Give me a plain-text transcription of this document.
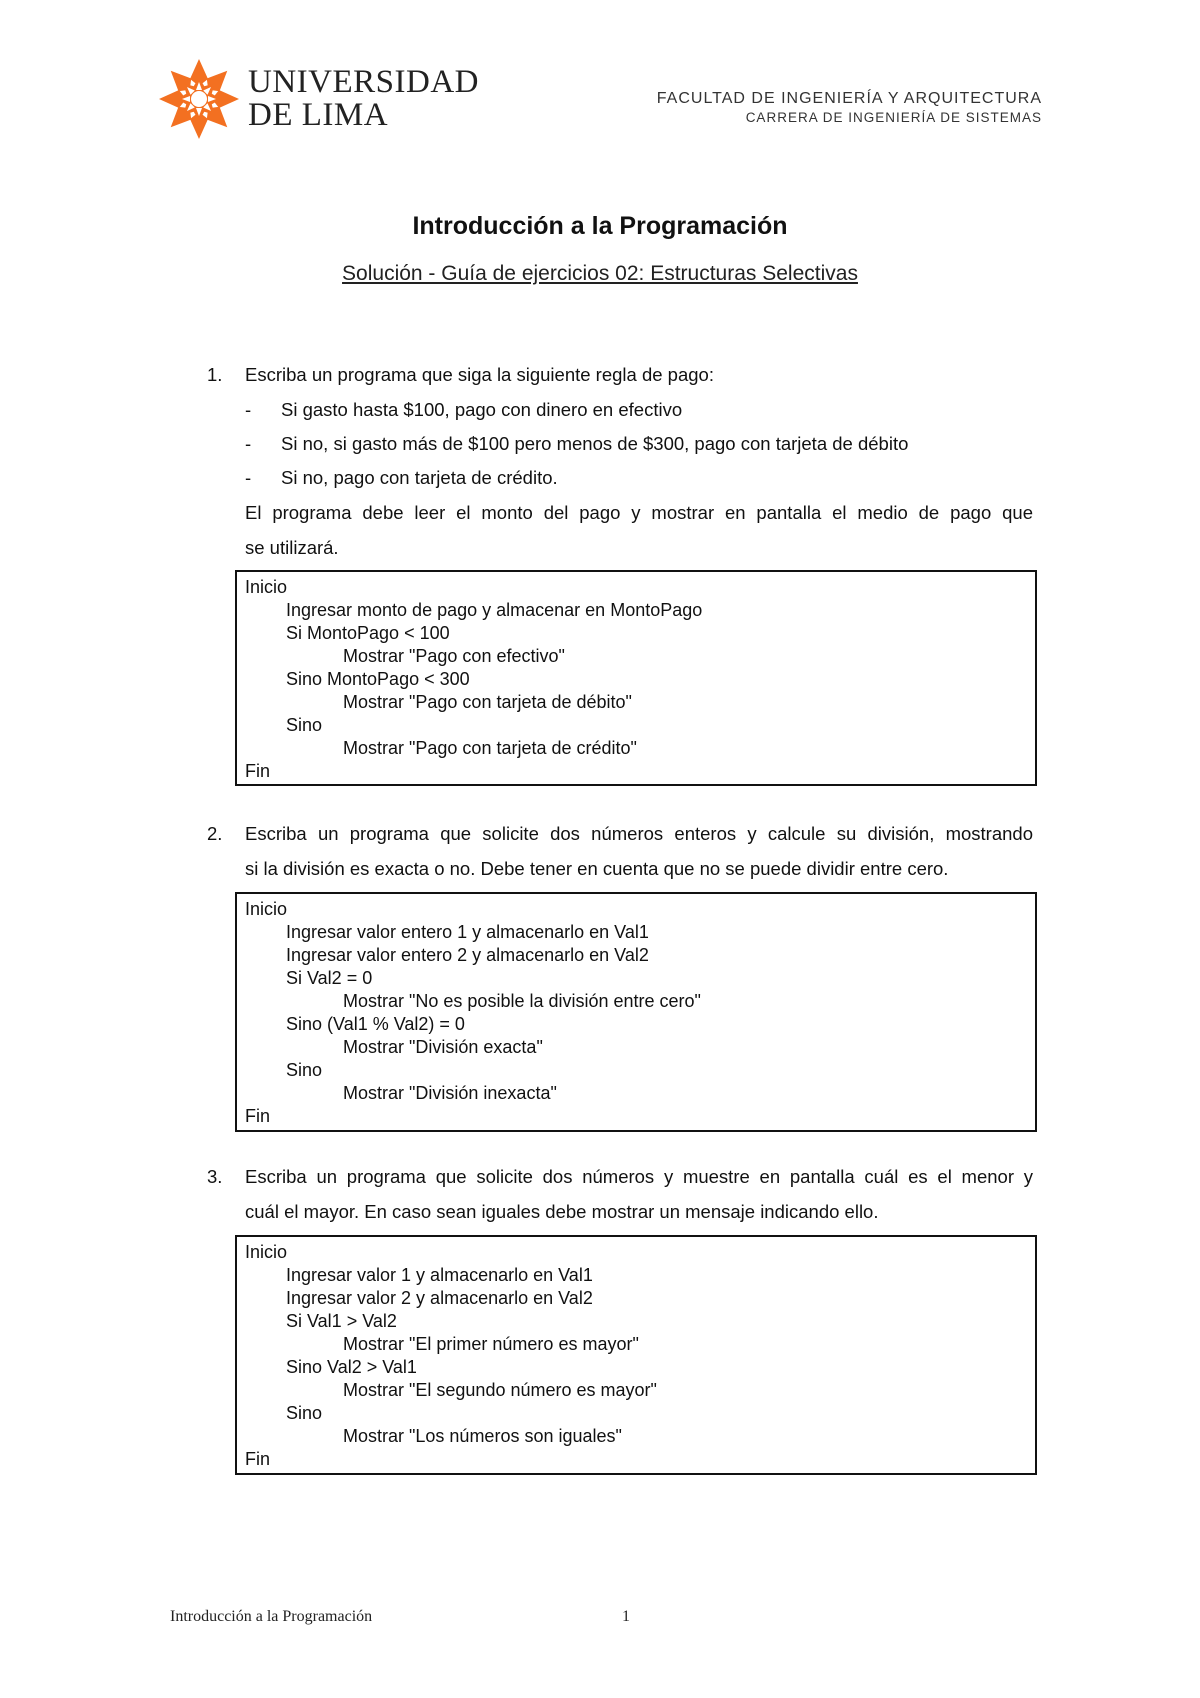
UNIVERSIDAD
DE LIMA	FACULTAD DE INGENIERÍA Y ARQUITECTURA
CARRERA DE INGENIERÍA DE SISTEMAS
Introducción a la Programación
Solución - Guía de ejercicios 02: Estructuras Selectivas
1. Escriba un programa que siga la siguiente regla de pago:
- Si gasto hasta $100, pago con dinero en efectivo
- Si no, si gasto más de $100 pero menos de $300, pago con tarjeta de débito
- Si no, pago con tarjeta de crédito.
El programa debe leer el monto del pago y mostrar en pantalla el medio de pago que
se utilizará.
Inicio
Ingresar monto de pago y almacenar en MontoPago
Si MontoPago < 100
Mostrar "Pago con efectivo"
Sino MontoPago < 300
Mostrar "Pago con tarjeta de débito"
Sino
Mostrar "Pago con tarjeta de crédito"
Fin
2. Escriba un programa que solicite dos números enteros y calcule su división, mostrando
si la división es exacta o no. Debe tener en cuenta que no se puede dividir entre cero.
Inicio
Ingresar valor entero 1 y almacenarlo en Val1
Ingresar valor entero 2 y almacenarlo en Val2
Si Val2 = 0
Mostrar "No es posible la división entre cero"
Sino (Val1 % Val2) = 0
Mostrar "División exacta"
Sino
Mostrar "División inexacta"
Fin
3. Escriba un programa que solicite dos números y muestre en pantalla cuál es el menor y
cuál el mayor. En caso sean iguales debe mostrar un mensaje indicando ello.
Inicio
Ingresar valor 1 y almacenarlo en Val1
Ingresar valor 2 y almacenarlo en Val2
Si Val1 > Val2
Mostrar "El primer número es mayor"
Sino Val2 > Val1
Mostrar "El segundo número es mayor"
Sino
Mostrar "Los números son iguales"
Fin
Introducción a la Programación	1
